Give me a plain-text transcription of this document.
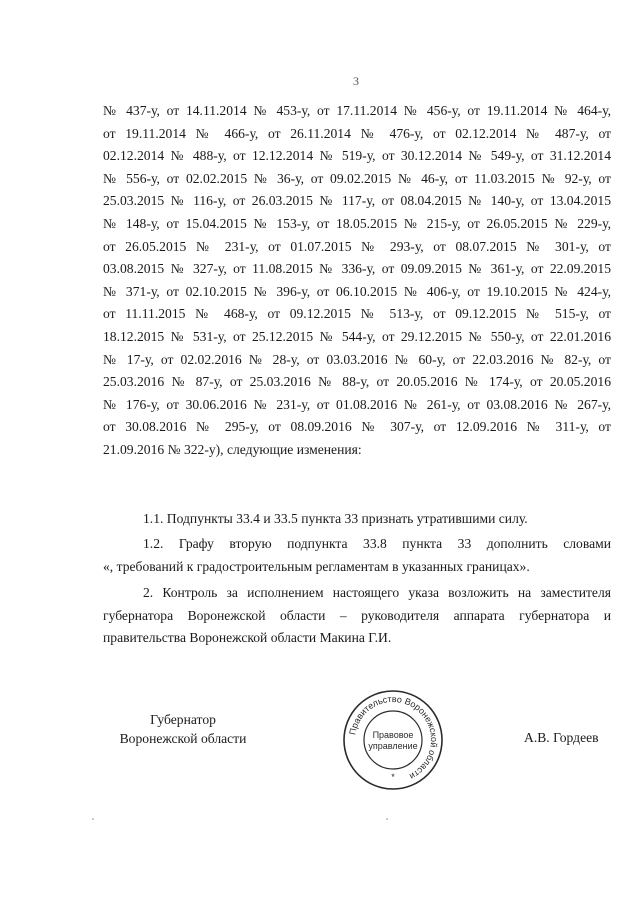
3
№ 437-у, от 14.11.2014 № 453-у, от 17.11.2014 № 456-у, от 19.11.2014 № 464-у,
от 19.11.2014 № 466-у, от 26.11.2014 № 476-у, от 02.12.2014 № 487-у, от
02.12.2014 № 488-у, от 12.12.2014 № 519-у, от 30.12.2014 № 549-у, от 31.12.2014
№ 556-у, от 02.02.2015 № 36-у, от 09.02.2015 № 46-у, от 11.03.2015 № 92-у, от
25.03.2015 № 116-у, от 26.03.2015 № 117-у, от 08.04.2015 № 140-у, от 13.04.2015
№ 148-у, от 15.04.2015 № 153-у, от 18.05.2015 № 215-у, от 26.05.2015 № 229-у,
от 26.05.2015 № 231-у, от 01.07.2015 № 293-у, от 08.07.2015 № 301-у, от
03.08.2015 № 327-у, от 11.08.2015 № 336-у, от 09.09.2015 № 361-у, от 22.09.2015
№ 371-у, от 02.10.2015 № 396-у, от 06.10.2015 № 406-у, от 19.10.2015 № 424-у,
от 11.11.2015 № 468-у, от 09.12.2015 № 513-у, от 09.12.2015 № 515-у, от
18.12.2015 № 531-у, от 25.12.2015 № 544-у, от 29.12.2015 № 550-у, от 22.01.2016
№ 17-у, от 02.02.2016 № 28-у, от 03.03.2016 № 60-у, от 22.03.2016 № 82-у, от
25.03.2016 № 87-у, от 25.03.2016 № 88-у, от 20.05.2016 № 174-у, от 20.05.2016
№ 176-у, от 30.06.2016 № 231-у, от 01.08.2016 № 261-у, от 03.08.2016 № 267-у,
от 30.08.2016 № 295-у, от 08.09.2016 № 307-у, от 12.09.2016 № 311-у, от
21.09.2016 № 322-у), следующие изменения:
1.1. Подпункты 33.4 и 33.5 пункта 33 признать утратившими силу.
1.2. Графу вторую подпункта 33.8 пункта 33 дополнить словами
«, требований к градостроительным регламентам в указанных границах».
2. Контроль за исполнением настоящего указа возложить на заместителя
губернатора Воронежской области – руководителя аппарата губернатора и
правительства Воронежской области Макина Г.И.
Губернатор
Воронежской области	Правительство Воронежской области
Правовое
управление
*
А.В. Гордеев
